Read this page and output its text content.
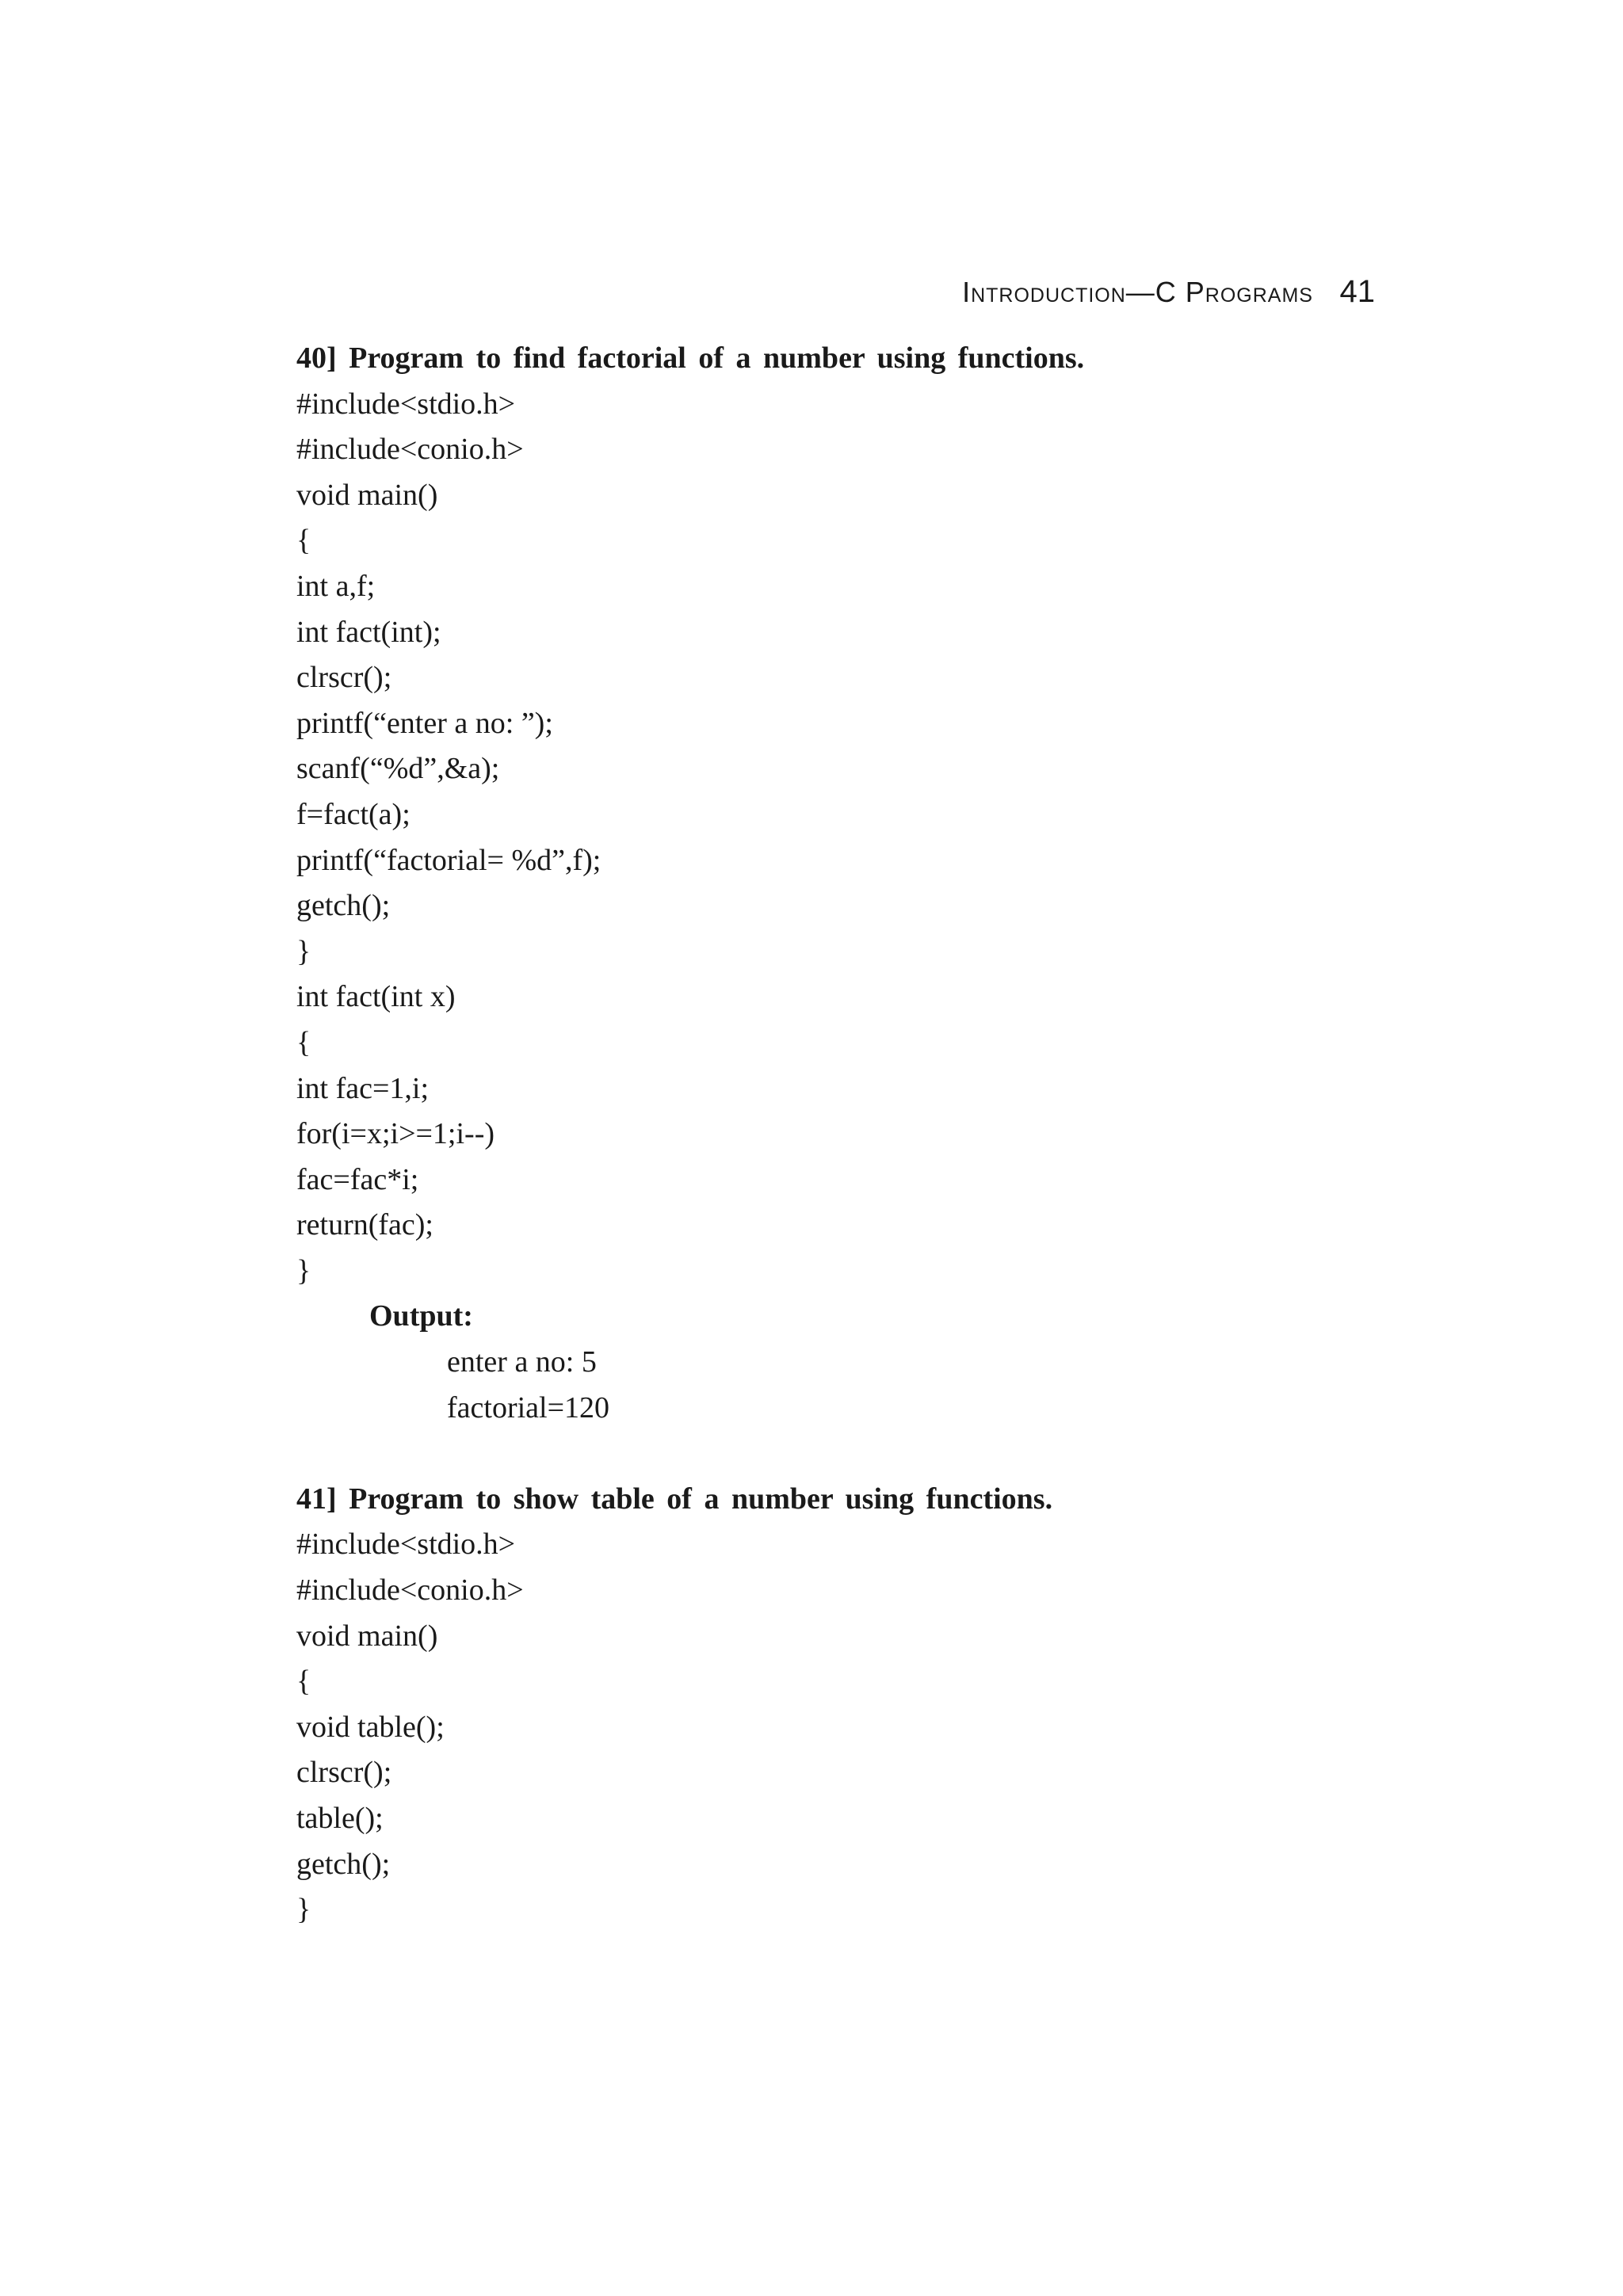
Introduction—C Programs 41
40] Program to find factorial of a number using functions.
#include<stdio.h>
#include<conio.h>
void main()
{
int a,f;
int fact(int);
clrscr();
printf(“enter a no: ”);
scanf(“%d”,&a);
f=fact(a);
printf(“factorial= %d”,f);
getch();
}
int fact(int x)
{
int fac=1,i;
for(i=x;i>=1;i--)
fac=fac*i;
return(fac);
}
Output:
enter a no: 5
factorial=120
41] Program to show table of a number using functions.
#include<stdio.h>
#include<conio.h>
void main()
{
void table();
clrscr();
table();
getch();
}
